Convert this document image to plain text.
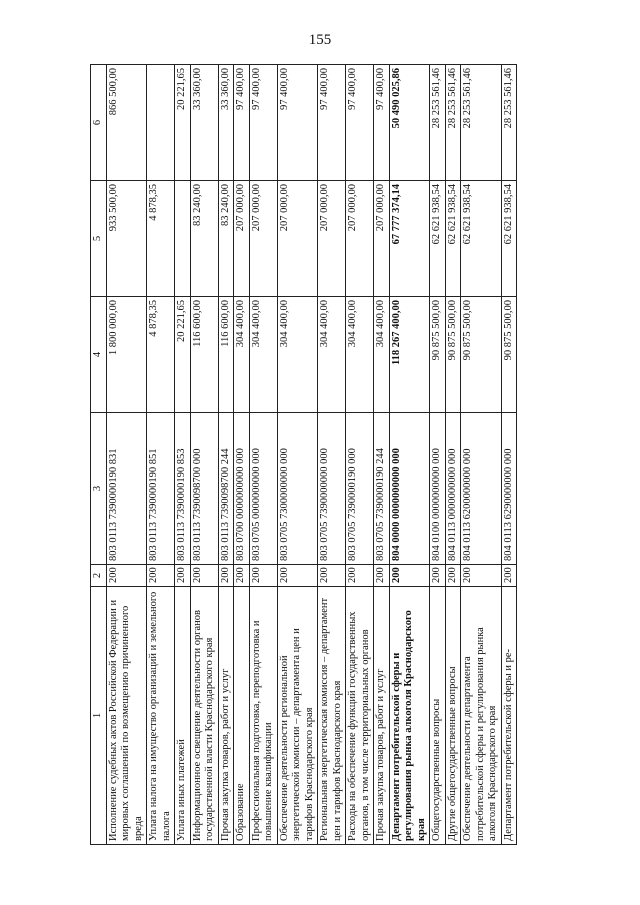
155
1	2	3	4	5	6
Исполнение судебных актов Российской Федерации и мировых соглашений по возмещению причиненного вреда	200	803 0113 7390000190 831	1 800 000,00	933 500,00	866 500,00
Уплата налога на имущество организаций и земельного налога	200	803 0113 7390000190 851	4 878,35	4 878,35	
Уплата иных платежей	200	803 0113 7390000190 853	20 221,65		20 221,65
Информационное освещение деятельности органов государственной власти Краснодарского края	200	803 0113 7390098700 000	116 600,00	83 240,00	33 360,00
Прочая закупка товаров, работ и услуг	200	803 0113 7390098700 244	116 600,00	83 240,00	33 360,00
Образование	200	803 0700 0000000000 000	304 400,00	207 000,00	97 400,00
Профессиональная подготовка, переподготовка и повышение квалификации	200	803 0705 0000000000 000	304 400,00	207 000,00	97 400,00
Обеспечение деятельности региональной энергетической комиссии – департамента цен и тарифов Краснодарского края	200	803 0705 7300000000 000	304 400,00	207 000,00	97 400,00
Региональная энергетическая комиссия – департамент цен и тарифов Краснодарского края	200	803 0705 7390000000 000	304 400,00	207 000,00	97 400,00
Расходы на обеспечение функций государственных органов, в том числе территориальных органов	200	803 0705 7390000190 000	304 400,00	207 000,00	97 400,00
Прочая закупка товаров, работ и услуг	200	803 0705 7390000190 244	304 400,00	207 000,00	97 400,00
Департамент потребительской сферы и регулирования рынка алкоголя Краснодарского края	200	804 0000 0000000000 000	118 267 400,00	67 777 374,14	50 490 025,86
Общегосударственные вопросы	200	804 0100 0000000000 000	90 875 500,00	62 621 938,54	28 253 561,46
Другие общегосударственные вопросы	200	804 0113 0000000000 000	90 875 500,00	62 621 938,54	28 253 561,46
Обеспечение деятельности департамента потребительской сферы и регулирования рынка алкоголя Краснодарского края	200	804 0113 6200000000 000	90 875 500,00	62 621 938,54	28 253 561,46
Департамент потребительской сферы и ре-	200	804 0113 6290000000 000	90 875 500,00	62 621 938,54	28 253 561,46
